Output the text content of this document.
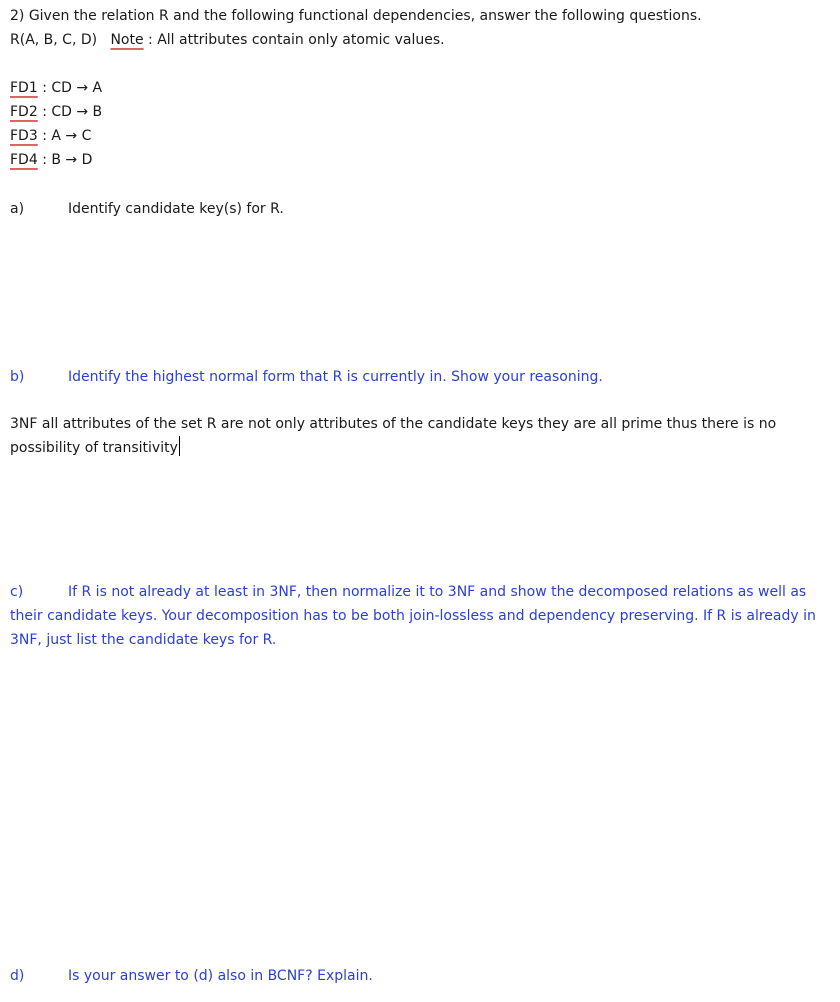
2) Given the relation R and the following functional dependencies, answer the following questions.
R(A, B, C, D) Note : All attributes contain only atomic values.
FD1 : CD → A
FD2 : CD → B
FD3 : A → C
FD4 : B → D
a)	Identify candidate key(s) for R.
b)	Identify the highest normal form that R is currently in. Show your reasoning.
3NF all attributes of the set R are not only attributes of the candidate keys they are all prime thus there is no possibility of transitivity
c)	If R is not already at least in 3NF, then normalize it to 3NF and show the decomposed relations as well as their candidate keys. Your decomposition has to be both join-lossless and dependency preserving. If R is already in 3NF, just list the candidate keys for R.
d)	Is your answer to (d) also in BCNF? Explain.
